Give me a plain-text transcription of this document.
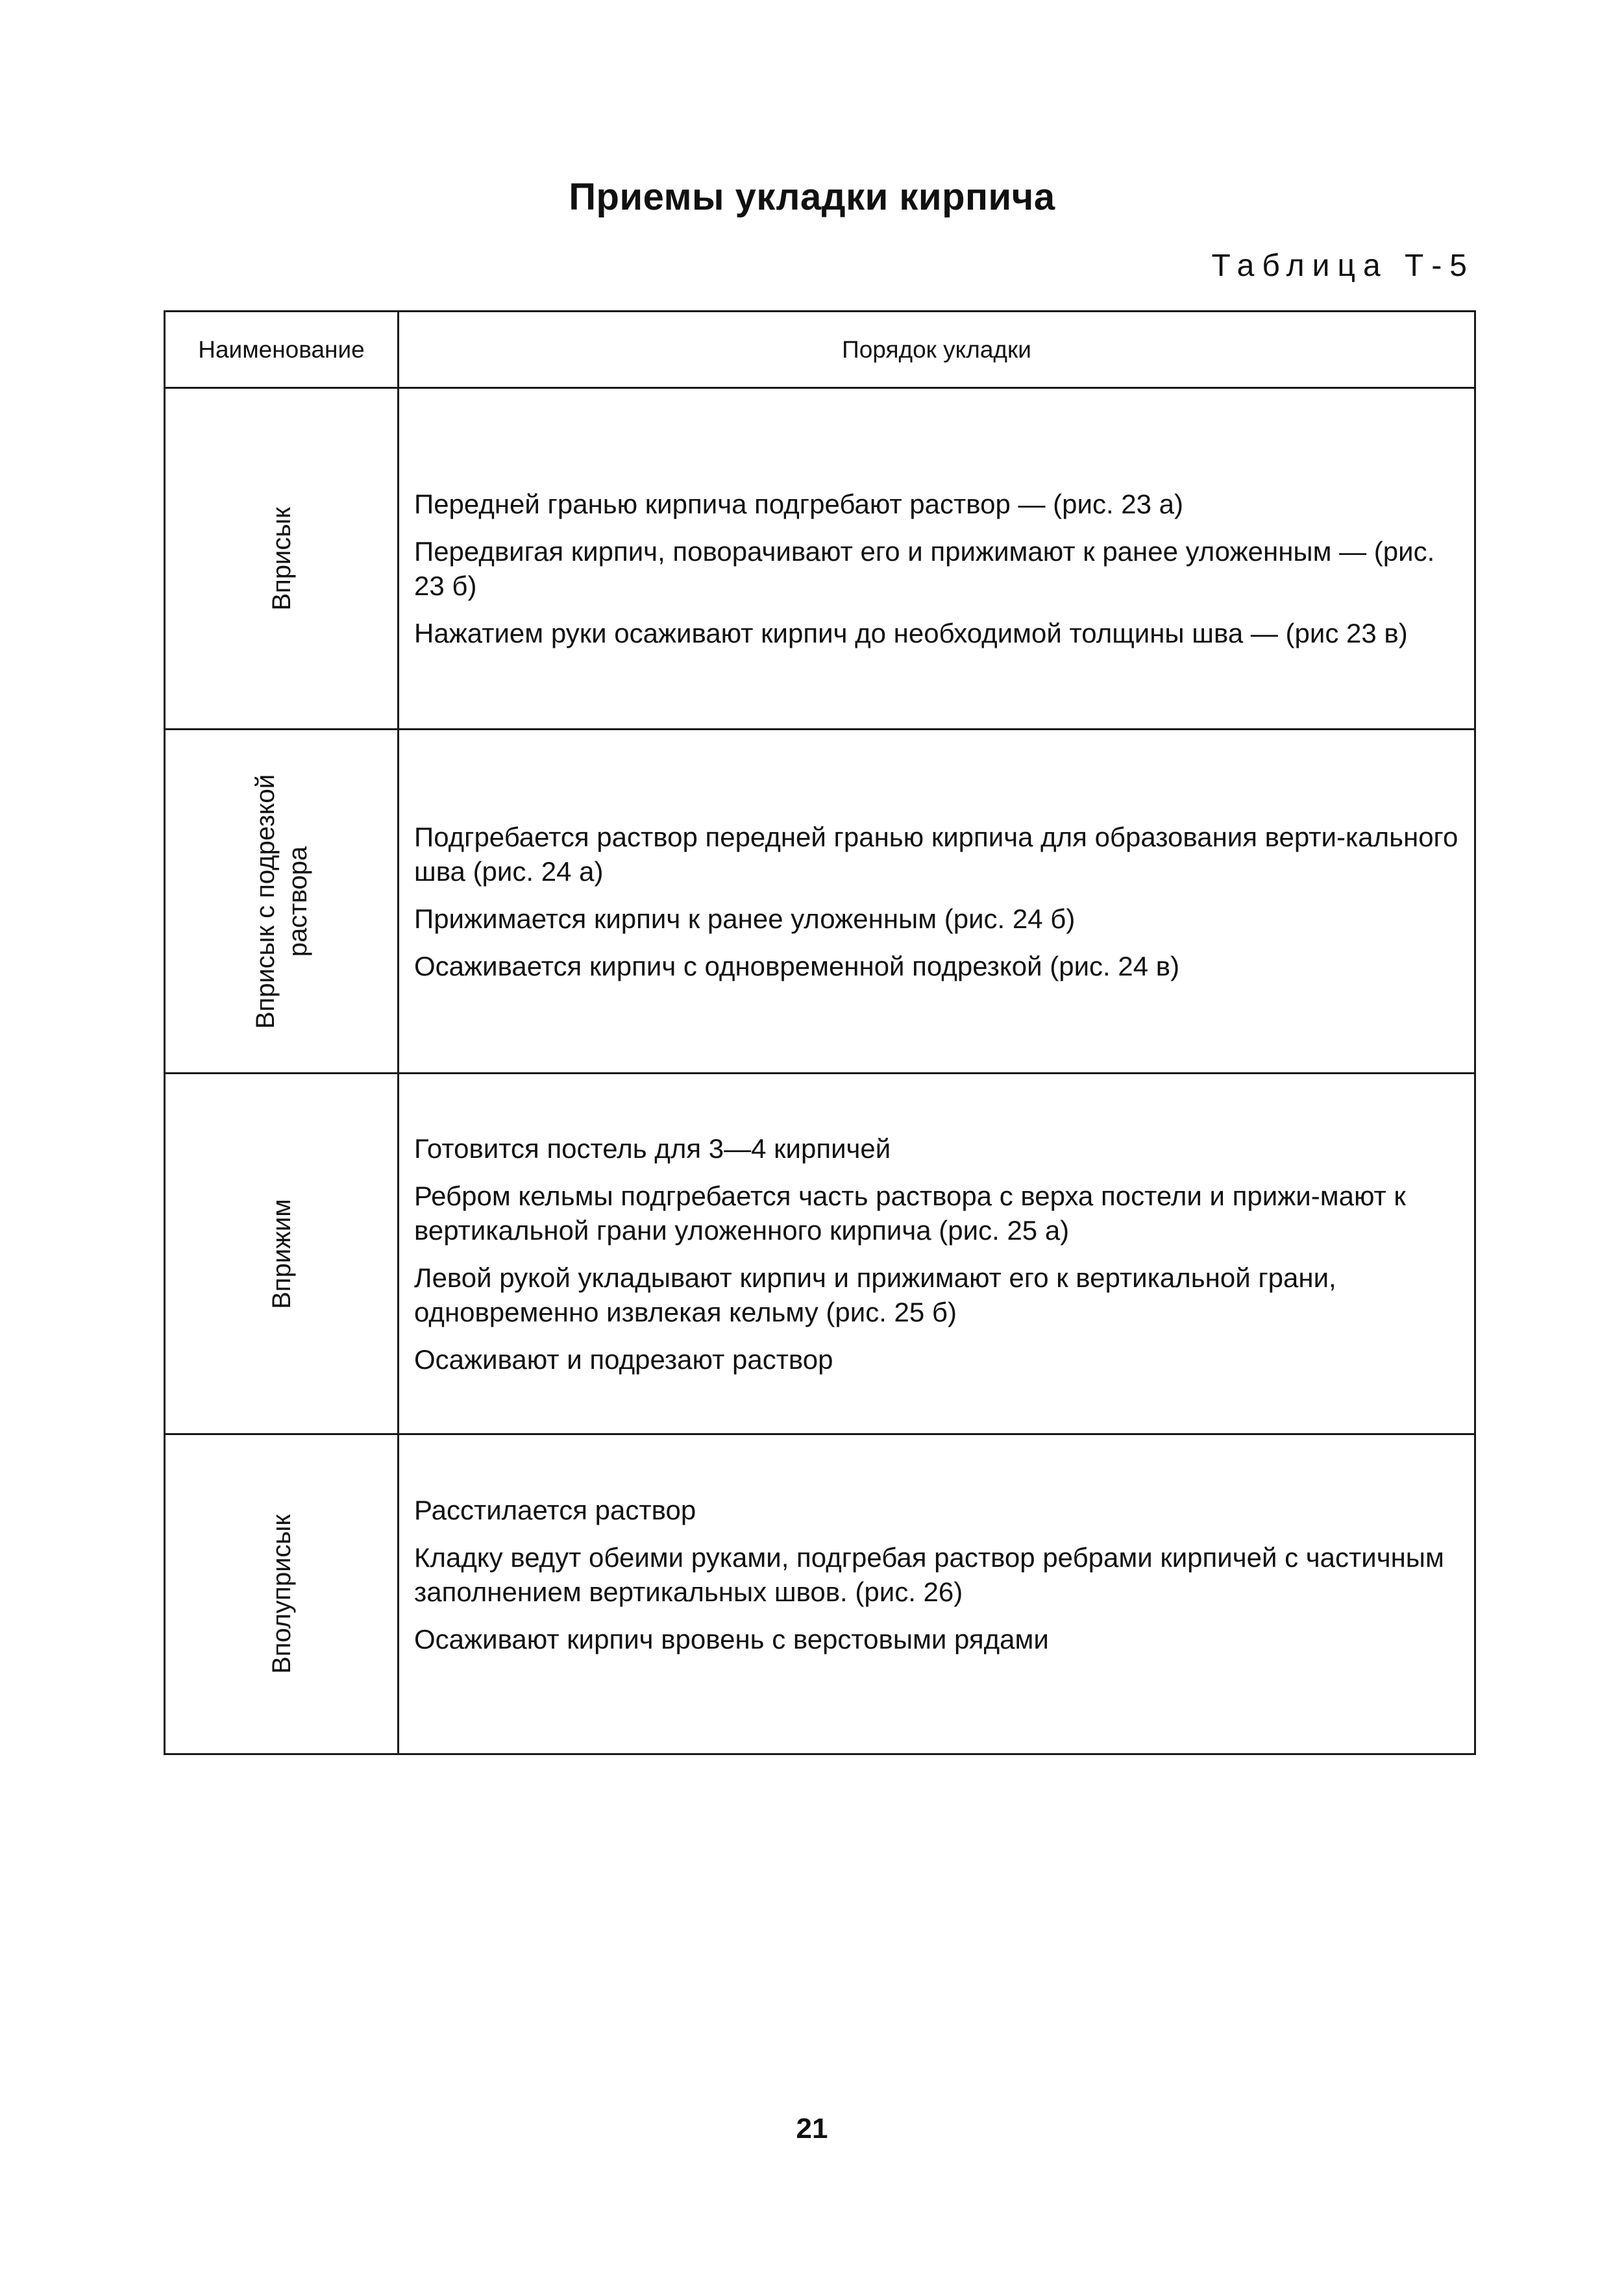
Приемы укладки кирпича
Таблица Т-5
Наименование	Порядок укладки
Вприсык
Передней гранью кирпича подгребают раствор — (рис. 23 а)
Передвигая кирпич, поворачивают его и прижимают к ранее уложенным — (рис. 23 б)
Нажатием руки осаживают кирпич до необходимой толщины шва — (рис 23 в)
Вприсык с подрезкой раствора
Подгребается раствор передней гранью кирпича для образования верти-кального шва (рис. 24 а)
Прижимается кирпич к ранее уложенным (рис. 24 б)
Осаживается кирпич с одновременной подрезкой (рис. 24 в)
Вприжим
Готовится постель для 3—4 кирпичей
Ребром кельмы подгребается часть раствора с верха постели и прижи-мают к вертикальной грани уложенного кирпича (рис. 25 а)
Левой рукой укладывают кирпич и прижимают его к вертикальной грани, одновременно извлекая кельму (рис. 25 б)
Осаживают и подрезают раствор
Вполуприсык
Расстилается раствор
Кладку ведут обеими руками, подгребая раствор ребрами кирпичей с частичным заполнением вертикальных швов. (рис. 26)
Осаживают кирпич вровень с верстовыми рядами
21
